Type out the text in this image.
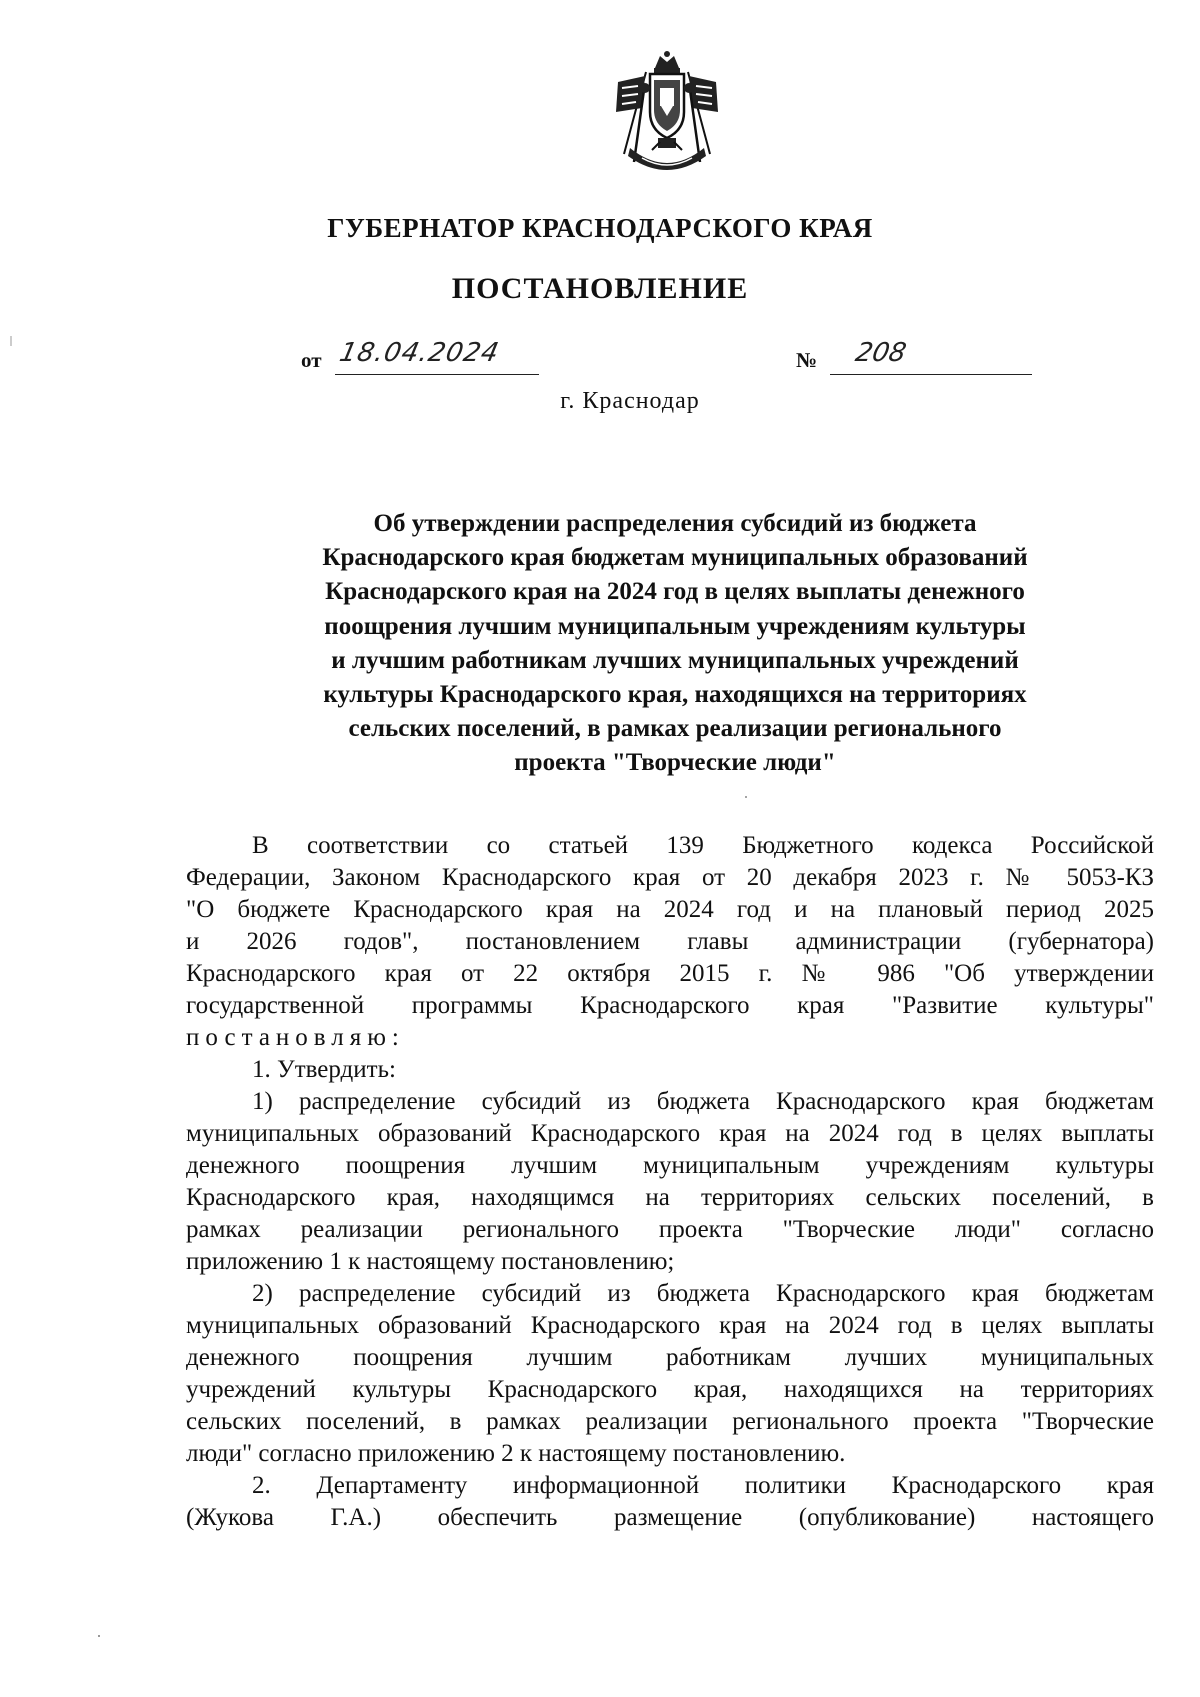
ГУБЕРНАТОР КРАСНОДАРСКОГО КРАЯ
ПОСТАНОВЛЕНИЕ
от 18.04.2024	№ 208
г. Краснодар
Об утверждении распределения субсидий из бюджета
Краснодарского края бюджетам муниципальных образований
Краснодарского края на 2024 год в целях выплаты денежного
поощрения лучшим муниципальным учреждениям культуры
и лучшим работникам лучших муниципальных учреждений
культуры Краснодарского края, находящихся на территориях
сельских поселений, в рамках реализации регионального
проекта "Творческие люди"
В соответствии со статьей 139 Бюджетного кодекса Российской
Федерации, Законом Краснодарского края от 20 декабря 2023 г. № 5053-КЗ
"О бюджете Краснодарского края на 2024 год и на плановый период 2025
и 2026 годов", постановлением главы администрации (губернатора)
Краснодарского края от 22 октября 2015 г. № 986 "Об утверждении
государственной программы Краснодарского края "Развитие культуры"
постановляю:
1. Утвердить:
1) распределение субсидий из бюджета Краснодарского края бюджетам
муниципальных образований Краснодарского края на 2024 год в целях выплаты
денежного поощрения лучшим муниципальным учреждениям культуры
Краснодарского края, находящимся на территориях сельских поселений, в
рамках реализации регионального проекта "Творческие люди" согласно
приложению 1 к настоящему постановлению;
2) распределение субсидий из бюджета Краснодарского края бюджетам
муниципальных образований Краснодарского края на 2024 год в целях выплаты
денежного поощрения лучшим работникам лучших муниципальных
учреждений культуры Краснодарского края, находящихся на территориях
сельских поселений, в рамках реализации регионального проекта "Творческие
люди" согласно приложению 2 к настоящему постановлению.
2. Департаменту информационной политики Краснодарского края
(Жукова Г.А.) обеспечить размещение (опубликование) настоящего
